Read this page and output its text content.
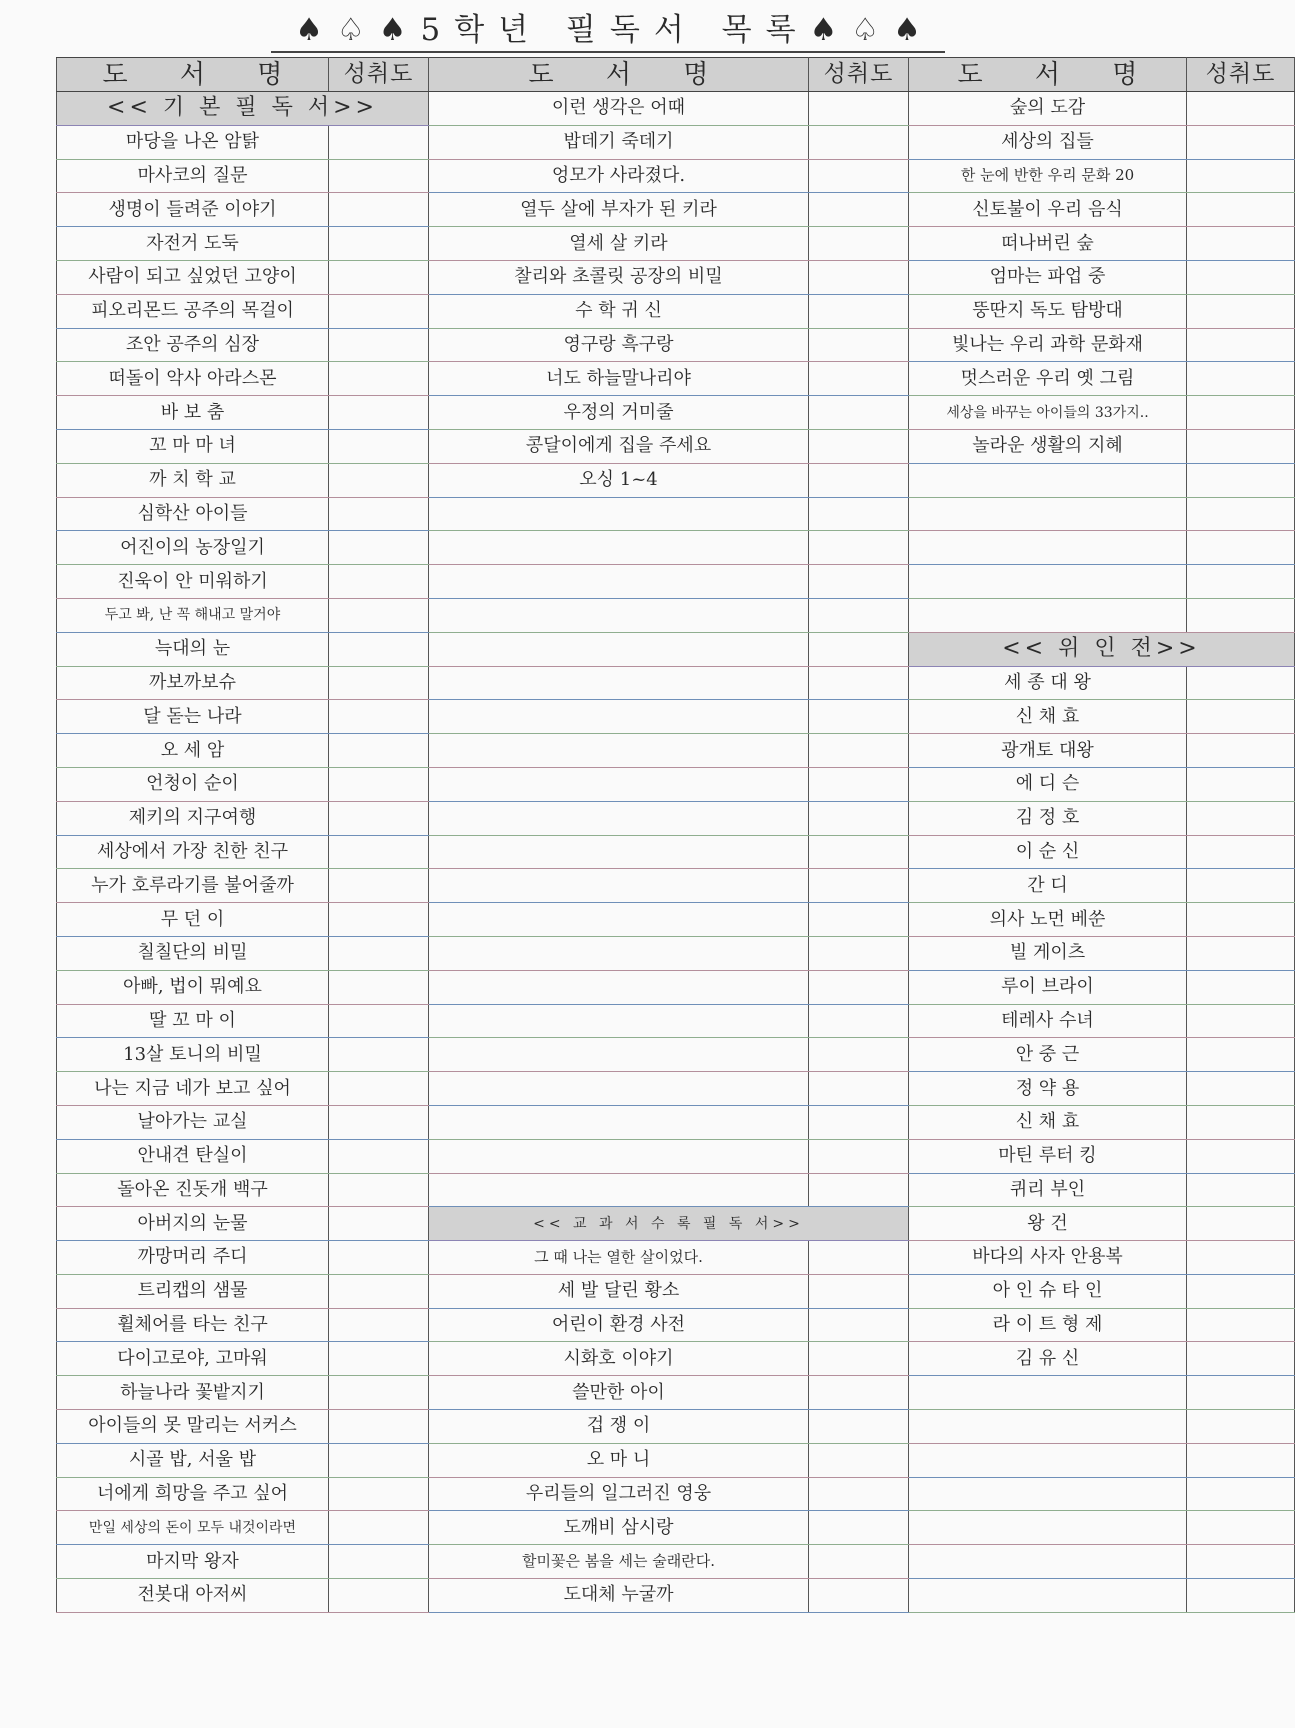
♠♤♠5학년 필독서 목록♠♤♠
도 서 명	성취도	도 서 명	성취도	도 서 명	성취도
<< 기 본 필 독 서>>		이런 생각은 어때		숲의 도감	
마당을 나온 암탉		밥데기 죽데기		세상의 집들	
마사코의 질문		엉모가 사라졌다.		한 눈에 반한 우리 문화 20	
생명이 들려준 이야기		열두 살에 부자가 된 키라		신토불이 우리 음식	
자전거 도둑		열세 살 키라		떠나버린 숲	
사람이 되고 싶었던 고양이		찰리와 초콜릿 공장의 비밀		엄마는 파업 중	
피오리몬드 공주의 목걸이		수 학 귀 신		뚱딴지 독도 탐방대	
조안 공주의 심장		영구랑 흑구랑		빛나는 우리 과학 문화재	
떠돌이 악사 아라스몬		너도 하늘말나리야		멋스러운 우리 옛 그림	
바 보 춤		우정의 거미줄		세상을 바꾸는 아이들의 33가지..	
꼬 마 마 녀		콩달이에게 집을 주세요		놀라운 생활의 지혜	
까 치 학 교		오싱 1~4			
심학산 아이들					
어진이의 농장일기					
진욱이 안 미워하기					
두고 봐, 난 꼭 해내고 말거야					
늑대의 눈				<< 위 인 전>>	
까보까보슈				세 종 대 왕	
달 돋는 나라				신 채 효	
오 세 암				광개토 대왕	
언청이 순이				에 디 슨	
제키의 지구여행				김 정 호	
세상에서 가장 친한 친구				이 순 신	
누가 호루라기를 불어줄까				간 디	
무 던 이				의사 노먼 베쑨	
칠칠단의 비밀				빌 게이츠	
아빠, 법이 뭐예요				루이 브라이	
딸 꼬 마 이				테레사 수녀	
13살 토니의 비밀				안 중 근	
나는 지금 네가 보고 싶어				정 약 용	
날아가는 교실				신 채 효	
안내견 탄실이				마틴 루터 킹	
돌아온 진돗개 백구				퀴리 부인	
아버지의 눈물		<< 교 과 서 수 록 필 독 서>>		왕 건	
까망머리 주디		그 때 나는 열한 살이었다.		바다의 사자 안용복	
트리캡의 샘물		세 발 달린 황소		아 인 슈 타 인	
휠체어를 타는 친구		어린이 환경 사전		라 이 트 형 제	
다이고로야, 고마워		시화호 이야기		김 유 신	
하늘나라 꽃밭지기		쓸만한 아이			
아이들의 못 말리는 서커스		겁 쟁 이			
시골 밥, 서울 밥		오 마 니			
너에게 희망을 주고 싶어		우리들의 일그러진 영웅			
만일 세상의 돈이 모두 내것이라면		도깨비 삼시랑			
마지막 왕자		할미꽃은 봄을 세는 술래란다.			
전봇대 아저씨		도대체 누굴까			
